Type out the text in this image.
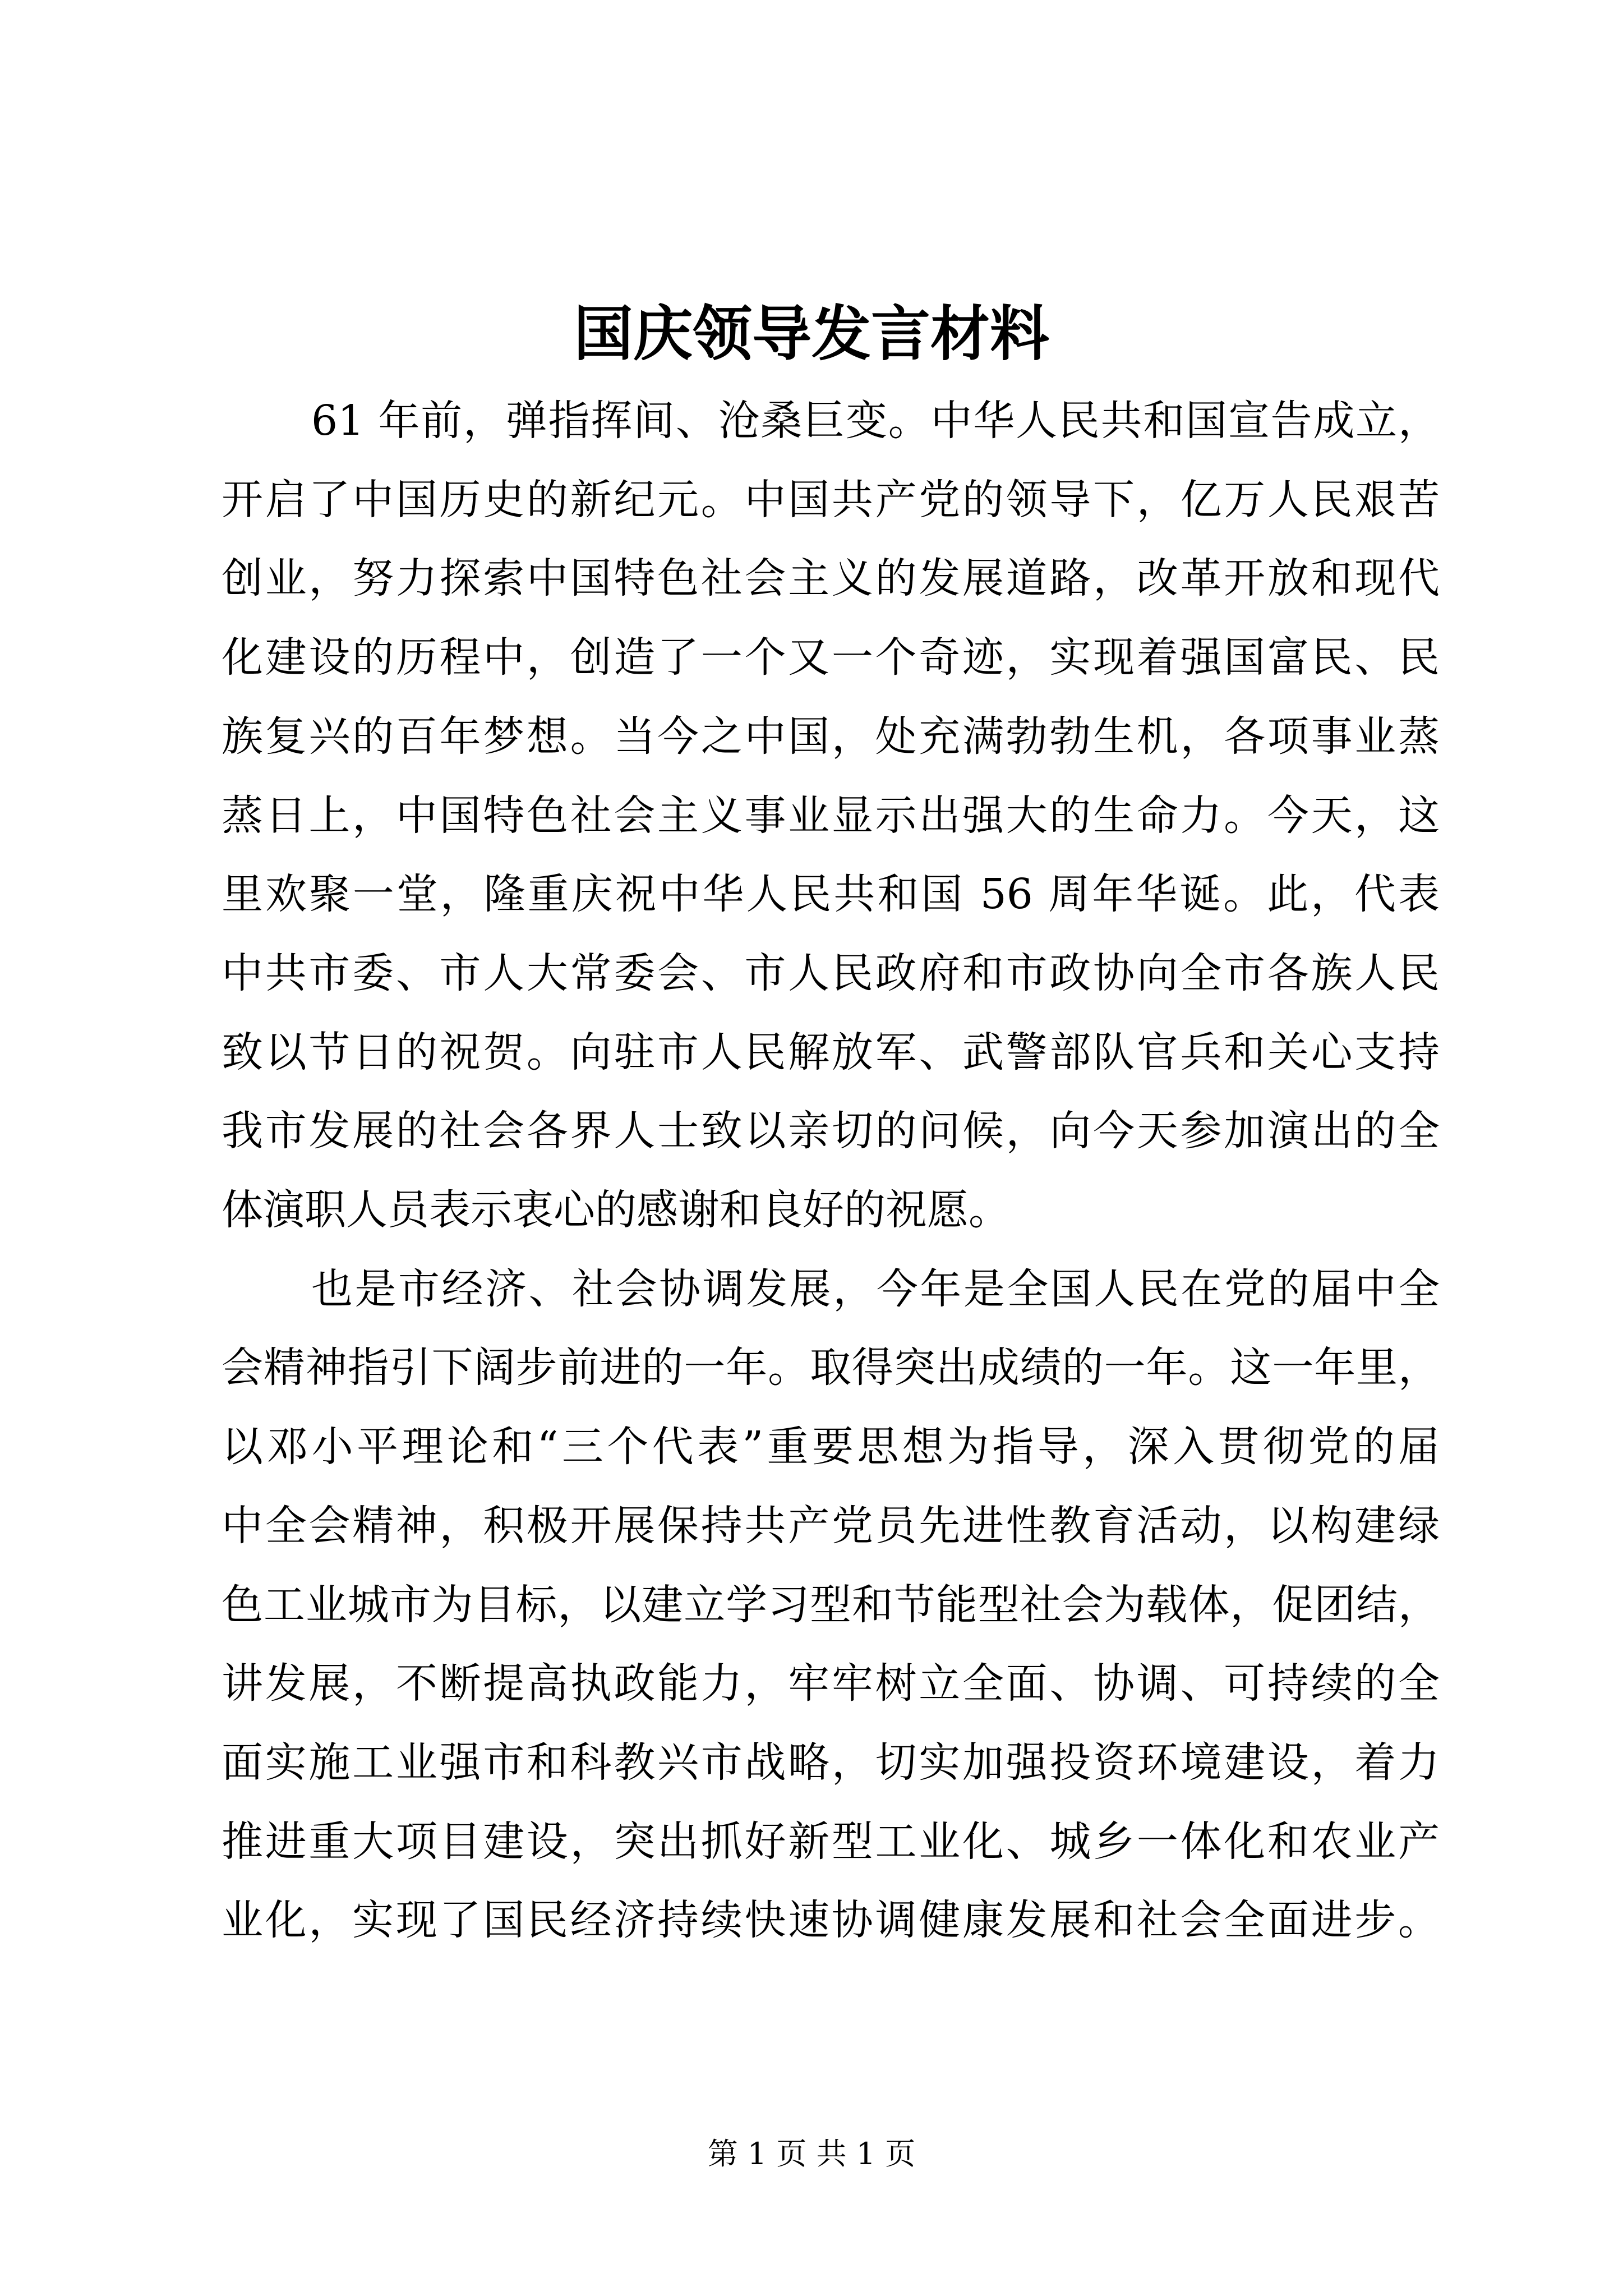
国庆领导发言材料
61 年前，弹指挥间、沧桑巨变。中华人民共和国宣告成立，
开启了中国历史的新纪元。中国共产党的领导下，亿万人民艰苦
创业，努力探索中国特色社会主义的发展道路，改革开放和现代
化建设的历程中，创造了一个又一个奇迹，实现着强国富民、民
族复兴的百年梦想。当今之中国，处充满勃勃生机，各项事业蒸
蒸日上，中国特色社会主义事业显示出强大的生命力。今天，这
里欢聚一堂，隆重庆祝中华人民共和国 56 周年华诞。此，代表
中共市委、市人大常委会、市人民政府和市政协向全市各族人民
致以节日的祝贺。向驻市人民解放军、武警部队官兵和关心支持
我市发展的社会各界人士致以亲切的问候，向今天参加演出的全
体演职人员表示衷心的感谢和良好的祝愿。
也是市经济、社会协调发展，今年是全国人民在党的届中全
会精神指引下阔步前进的一年。取得突出成绩的一年。这一年里，
以邓小平理论和“三个代表”重要思想为指导，深入贯彻党的届
中全会精神，积极开展保持共产党员先进性教育活动，以构建绿
色工业城市为目标，以建立学习型和节能型社会为载体，促团结，
讲发展，不断提高执政能力，牢牢树立全面、协调、可持续的全
面实施工业强市和科教兴市战略，切实加强投资环境建设，着力
推进重大项目建设，突出抓好新型工业化、城乡一体化和农业产
业化，实现了国民经济持续快速协调健康发展和社会全面进步。
第 1 页 共 1 页
